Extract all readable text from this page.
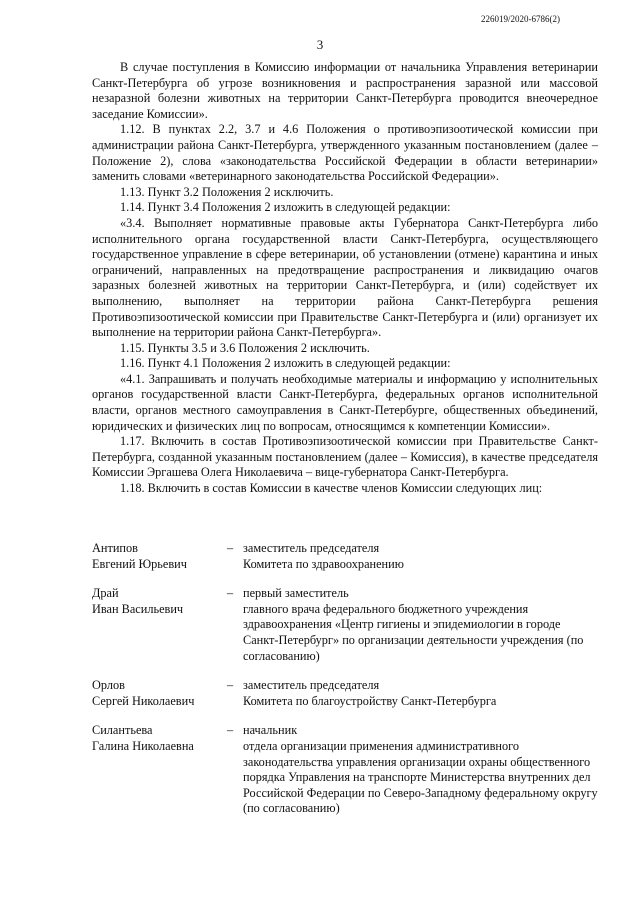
226019/2020-6786(2)
3

В случае поступления в Комиссию информации от начальника Управления ветеринарии Санкт-Петербурга об угрозе возникновения и распространения заразной или массовой незаразной болезни животных на территории Санкт-Петербурга проводится внеочередное заседание Комиссии».

1.12. В пунктах 2.2, 3.7 и 4.6 Положения о противоэпизоотической комиссии при администрации района Санкт-Петербурга, утвержденного указанным постановлением (далее – Положение 2), слова «законодательства Российской Федерации в области ветеринарии» заменить словами «ветеринарного законодательства Российской Федерации».

1.13. Пункт 3.2 Положения 2 исключить.

1.14. Пункт 3.4 Положения 2 изложить в следующей редакции:

«3.4. Выполняет нормативные правовые акты Губернатора Санкт-Петербурга либо исполнительного органа государственной власти Санкт-Петербурга, осуществляющего государственное управление в сфере ветеринарии, об установлении (отмене) карантина и иных ограничений, направленных на предотвращение распространения и ликвидацию очагов заразных болезней животных на территории Санкт-Петербурга, и (или) содействует их выполнению, выполняет на территории района Санкт-Петербурга решения Противоэпизоотической комиссии при Правительстве Санкт-Петербурга и (или) организует их выполнение на территории района Санкт-Петербурга».

1.15. Пункты 3.5 и 3.6 Положения 2 исключить.

1.16. Пункт 4.1 Положения 2 изложить в следующей редакции:

«4.1. Запрашивать и получать необходимые материалы и информацию у исполнительных органов государственной власти Санкт-Петербурга, федеральных органов исполнительной власти, органов местного самоуправления в Санкт-Петербурге, общественных объединений, юридических и физических лиц по вопросам, относящимся к компетенции Комиссии».

1.17. Включить в состав Противоэпизоотической комиссии при Правительстве Санкт-Петербурга, созданной указанным постановлением (далее – Комиссия), в качестве председателя Комиссии Эргашева Олега Николаевича – вице-губернатора Санкт-Петербурга.

1.18. Включить в состав Комиссии в качестве членов Комиссии следующих лиц:

Антипов
Евгений Юрьевич
– заместитель председателя
Комитета по здравоохранению
Драй
Иван Васильевич
– первый заместитель
главного врача федерального бюджетного учреждения здравоохранения «Центр гигиены и эпидемиологии в городе Санкт-Петербург» по организации деятельности учреждения (по согласованию)
Орлов
Сергей Николаевич
– заместитель председателя
Комитета по благоустройству Санкт-Петербурга
Силантьева
Галина Николаевна
– начальник
отдела организации применения административного законодательства управления организации охраны общественного порядка Управления на транспорте Министерства внутренних дел Российской Федерации по Северо-Западному федеральному округу
(по согласованию)
